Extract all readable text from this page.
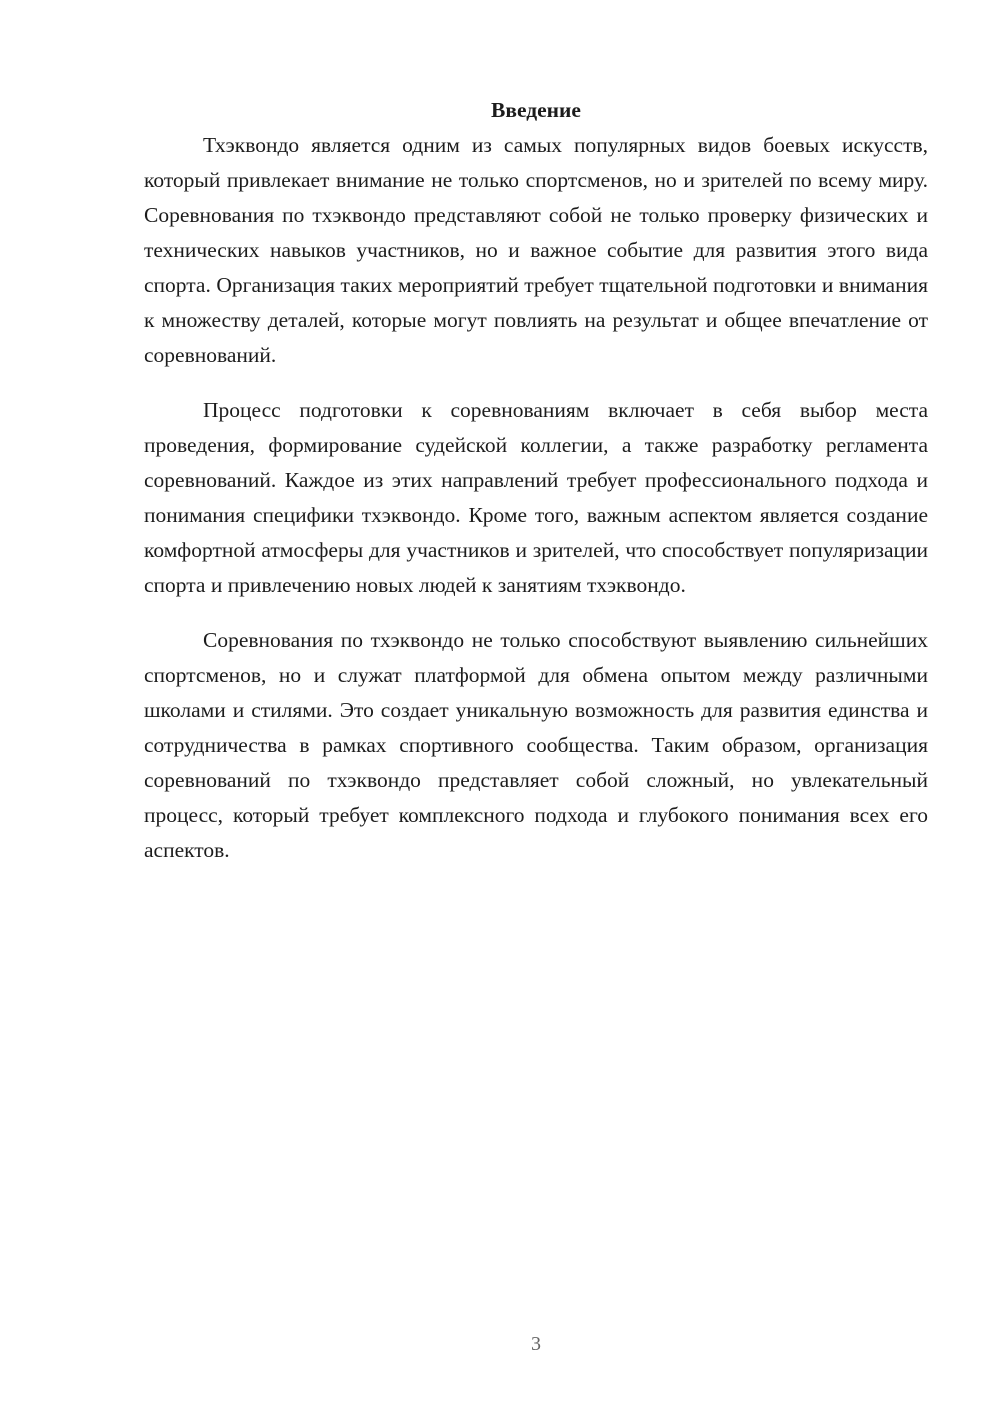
Введение

Тхэквондо является одним из самых популярных видов боевых искусств, который привлекает внимание не только спортсменов, но и зрителей по всему миру. Соревнования по тхэквондо представляют собой не только проверку физических и технических навыков участников, но и важное событие для развития этого вида спорта. Организация таких мероприятий требует тщательной подготовки и внимания к множеству деталей, которые могут повлиять на результат и общее впечатление от соревнований.

Процесс подготовки к соревнованиям включает в себя выбор места проведения, формирование судейской коллегии, а также разработку регламента соревнований. Каждое из этих направлений требует профессионального подхода и понимания специфики тхэквондо. Кроме того, важным аспектом является создание комфортной атмосферы для участников и зрителей, что способствует популяризации спорта и привлечению новых людей к занятиям тхэквондо.

Соревнования по тхэквондо не только способствуют выявлению сильнейших спортсменов, но и служат платформой для обмена опытом между различными школами и стилями. Это создает уникальную возможность для развития единства и сотрудничества в рамках спортивного сообщества. Таким образом, организация соревнований по тхэквондо представляет собой сложный, но увлекательный процесс, который требует комплексного подхода и глубокого понимания всех его аспектов.

3
